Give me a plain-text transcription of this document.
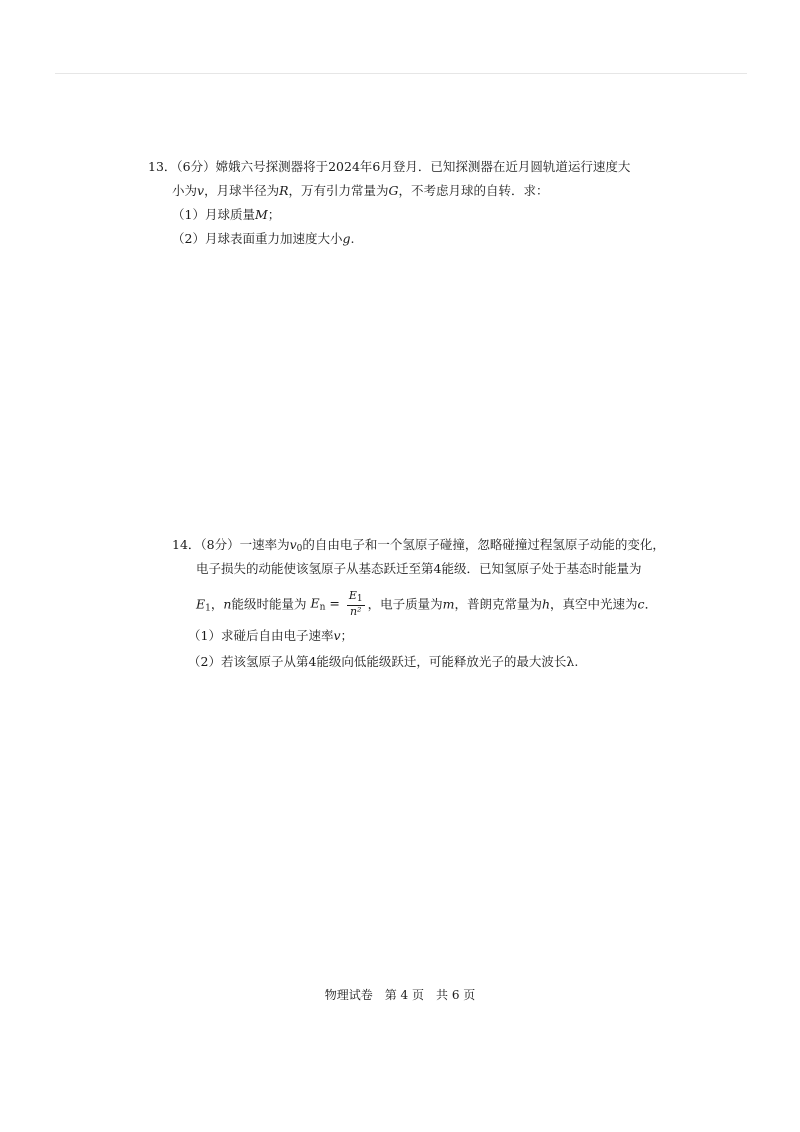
13．（6分）嫦娥六号探测器将于2024年6月登月．已知探测器在近月圆轨道运行速度大
小为v，月球半径为R，万有引力常量为G，不考虑月球的自转．求：
（1）月球质量M；
（2）月球表面重力加速度大小g.
14．（8分）一速率为$v_0$的自由电子和一个氢原子碰撞，忽略碰撞过程氢原子动能的变化，
电子损失的动能使该氢原子从基态跃迁至第4能级．已知氢原子处于基态时能量为
$E_1$，n能级时能量为 $E_n = \frac{E_1}{\text{n²}}$ ，电子质量为m，普朗克常量为h，真空中光速为c．
（1）求碰后自由电子速率v；
（2）若该氢原子从第4能级向低能级跃迁，可能释放光子的最大波长λ.
物理试卷　第 4 页　共 6 页
